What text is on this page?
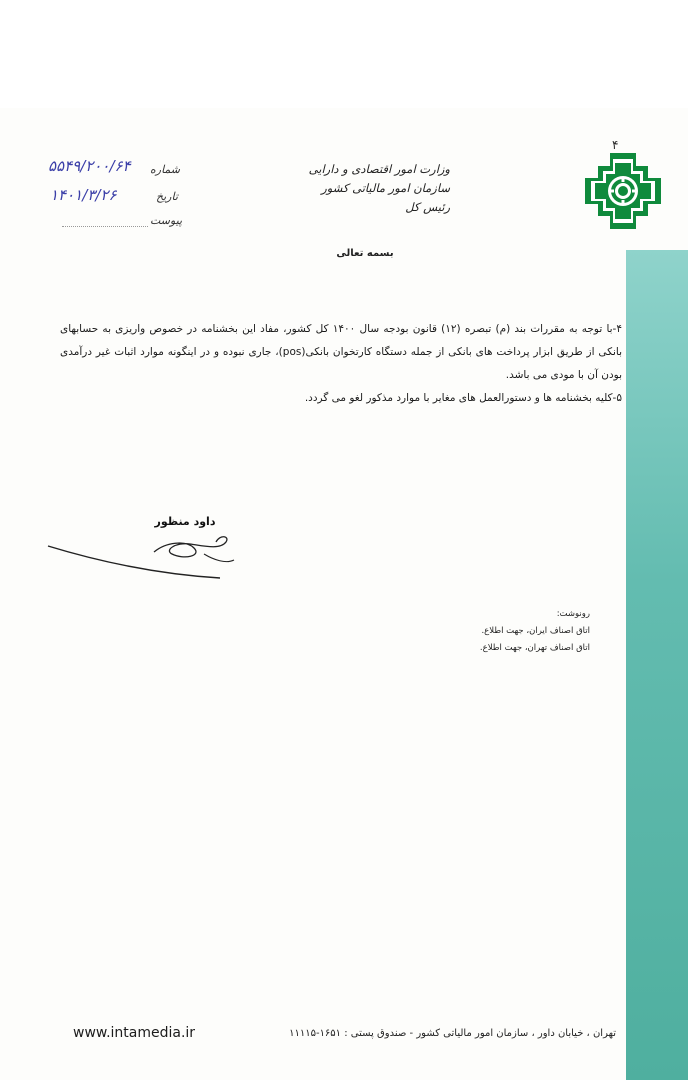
۴
وزارت امور اقتصادی و دارایی
سازمان امور مالیاتی کشور
رئیس کل
بسمه تعالی
شماره
۵۵۴۹/۲۰۰/۶۴
تاریخ
۱۴۰۱/۳/۲۶
پیوست

۴-با توجه به مقررات بند (م) تبصره (۱۲) قانون بودجه سال ۱۴۰۰ کل کشور، مفاد این بخشنامه در خصوص واریزی به حسابهای بانکی از طریق ابزار پرداخت های بانکی از جمله دستگاه کارتخوان بانکی(pos)، جاری نبوده و در اینگونه موارد اثبات غیر درآمدی بودن آن با مودی می باشد.

۵-کلیه بخشنامه ها و دستورالعمل های مغایر با موارد مذکور لغو می گردد.

داود منظور
رونوشت:
اتاق اصناف ایران، جهت اطلاع.
اتاق اصناف تهران، جهت اطلاع.
www.intamedia.ir	تهران ، خیابان داور ، سازمان امور مالیاتی کشور - صندوق پستی : ۱۶۵۱-۱۱۱۱۵
